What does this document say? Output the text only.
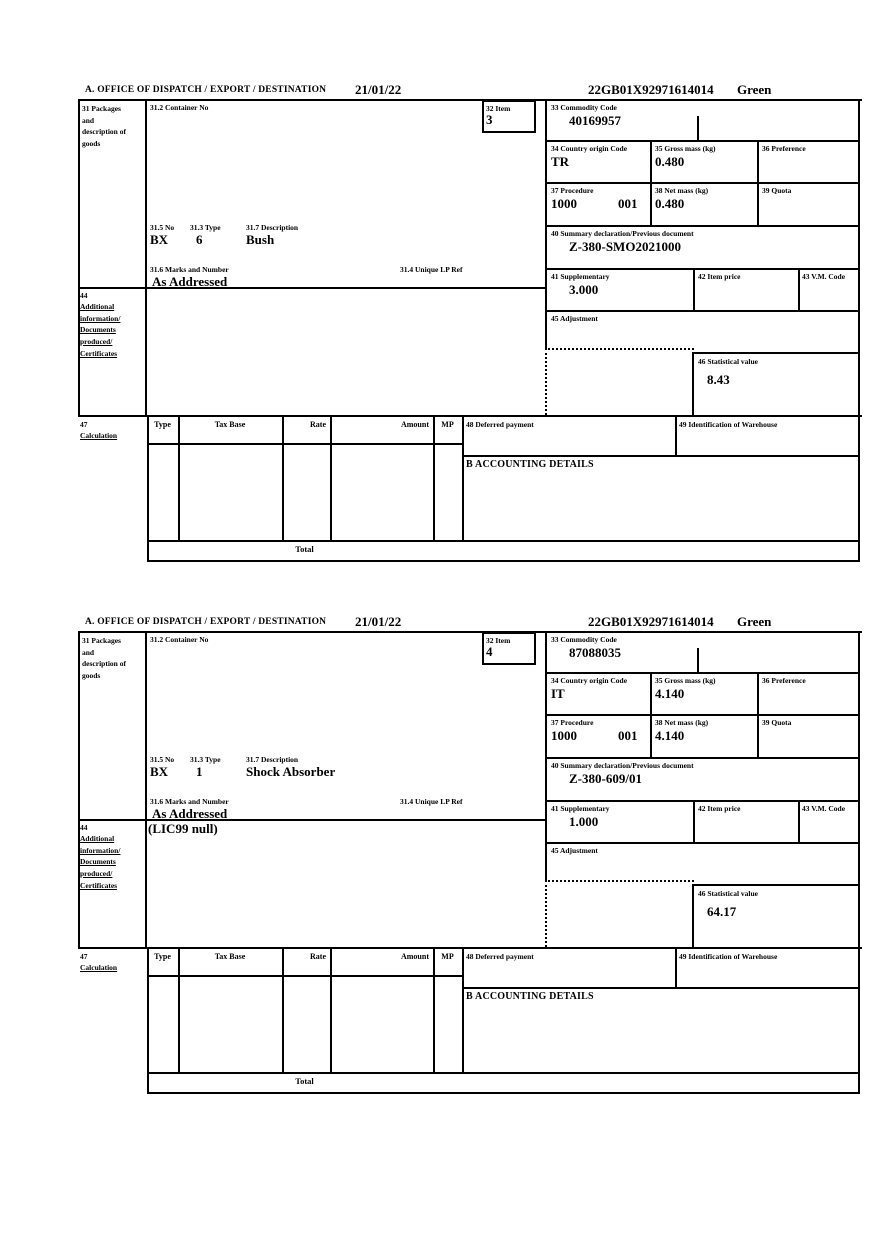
A. OFFICE OF DISPATCH / EXPORT / DESTINATION 21/01/22	22GB01X92971614014 Green
32 Item
3
31 Packages and description of goods
44
Additional information/ Documents produced/ Certificates
47
Calculation
31.2 Container No
31.5 No 31.3 Type	31.7 Description
BX 6	Bush
31.6 Marks and Number	31.4 Unique LP Ref
As Addressed
33 Commodity Code
40169957
34 Country origin Code
TR
35 Gross mass (kg)
0.480
36 Preference
37 Procedure
1000	001
38 Net mass (kg)
0.480
39 Quota
40 Summary declaration/Previous document
Z-380-SMO2021000
41 Supplementary
3.000
42 Item price	43 V.M. Code
45 Adjustment
46 Statistical value
8.43
Type	Tax Base	Rate	Amount	MP	48 Deferred payment	49 Identification of Warehouse
B ACCOUNTING DETAILS
Total
A. OFFICE OF DISPATCH / EXPORT / DESTINATION 21/01/22	22GB01X92971614014 Green
32 Item
4
31 Packages and description of goods
44
Additional information/ Documents produced/ Certificates
47
Calculation
31.2 Container No
31.5 No 31.3 Type	31.7 Description
BX 1	Shock Absorber
31.6 Marks and Number	31.4 Unique LP Ref
As Addressed
(LIC99 null)
33 Commodity Code
87088035
34 Country origin Code
IT
35 Gross mass (kg)
4.140
36 Preference
37 Procedure
1000	001
38 Net mass (kg)
4.140
39 Quota
40 Summary declaration/Previous document
Z-380-609/01
41 Supplementary
1.000
42 Item price	43 V.M. Code
45 Adjustment
46 Statistical value
64.17
Type	Tax Base	Rate	Amount	MP	48 Deferred payment	49 Identification of Warehouse
B ACCOUNTING DETAILS
Total
